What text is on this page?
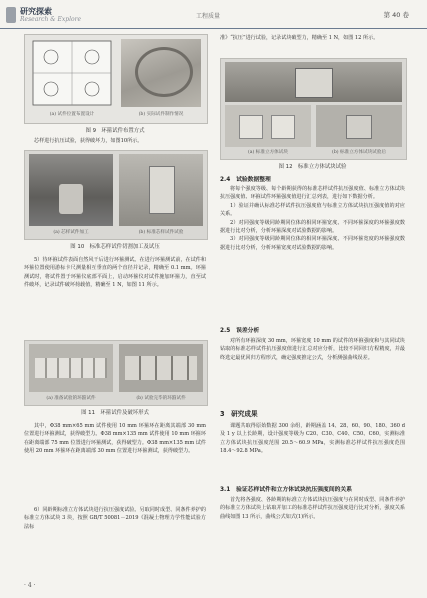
研究探索
Research & Explore	工程质量	第 40 卷
(a) 试件位置布置设计	(b) 实际试件制作情况
图 9　环箍试件布置方式

芯样进行抗压试验，获得破坏力，如图10所示。

(a) 芯样试件加工	(b) 标准芯样试件试验
图 10　标准芯样试件切割加工及试压

5）待环箍试件表面自然风干后进行环箍测试。在进行环箍测试前，在试件和环箍位置使用游标卡尺测量相互垂直的两个直径并记录，精确至 0.1 mm。环箍测试时，将试件置于环箍仪底部平面上，启动环箍仪对试件施加环箍力，直至试件破坏，记录试件破坏荷载值，精确至 1 N，如图 11 所示。

(a) 准备试验的环箍试件	(b) 试验完毕的环箍试件
图 11　环箍试件及破坏形式

其中，Φ38 mm×65 mm 试件使用 10 mm 环箍环在距离其端部 30 mm 位置进行环箍测试，获得破型力。Φ38 mm×135 mm 试件使用 10 mm 环箍环在距离端部 75 mm 位置进行环箍测试，获得破型力。Φ38 mm×135 mm 试件使用 20 mm 环箍环在距离端部 30 mm 位置进行环箍测试，获得破型力。

6）同龄期标准立方体试块进行抗压强度试验。另取同时成型、同条件养护的标准立方体试块 3 块，按照 GB/T 50081－2019《混凝土物理力学性能试验方法标

准》“抗压”进行试验，记录试块破型力，精确至 1 N，如图 12 所示。

(a) 标准立方体试块	(b) 标准立方体试块试验后
图 12　标准立方体试块试验
2.4　试验数据整理

将每个强度等级、每个龄期获得的标准芯样试件抗压强度值、标准立方体试块抗压强度值、环箍试件环箍强度值进行汇总列表，进行如下数据分析。

1）验证并确认标准芯样试件抗压强度值与标准立方体试块抗压强度值的对应关系。

2）对同强度等级同龄期同位体的相同环箍宽度、不同环箍深度的环箍强度数据进行比对分析，分析环箍深度对试验数据的影响。

3）对同强度等级同龄期同位体的相同环箍深度、不同环箍宽度的环箍强度数据进行比对分析，分析环箍宽度对试验数据的影响。

2.5　误差分析

对所有环箍深度 30 mm，环箍宽度 10 mm 的试件的环箍强度和与其同试块钻取的标准芯样试件抗压强度值进行汇总对应分析，比较不同回归方程精度，并最终选定最优回归方程形式，确定强度推定公式，分析测强曲线误差。

3　研究成果

课题共取得原始数据 300 余组，龄期涵盖 14、28、60、90、180、360 d 及 1 y 以上长龄期，设计强度等级为 C20、C30、C40、C50、C60，实测标准立方体试块抗压强度范围 20.5～60.9 MPa，实测标准芯样试件抗压强度范围 18.4～92.8 MPa。

3.1　验证芯样试件和立方体试块抗压强度间的关系

首先将各强度、各龄期的标准立方体试块抗压强度与在同时成型、同条件养护的标准立方体试块上钻取并加工的标准芯样试件抗压强度进行比对分析，强度关系曲线如图 13 所示，曲线公式如式(1)所示。

· 4 ·
